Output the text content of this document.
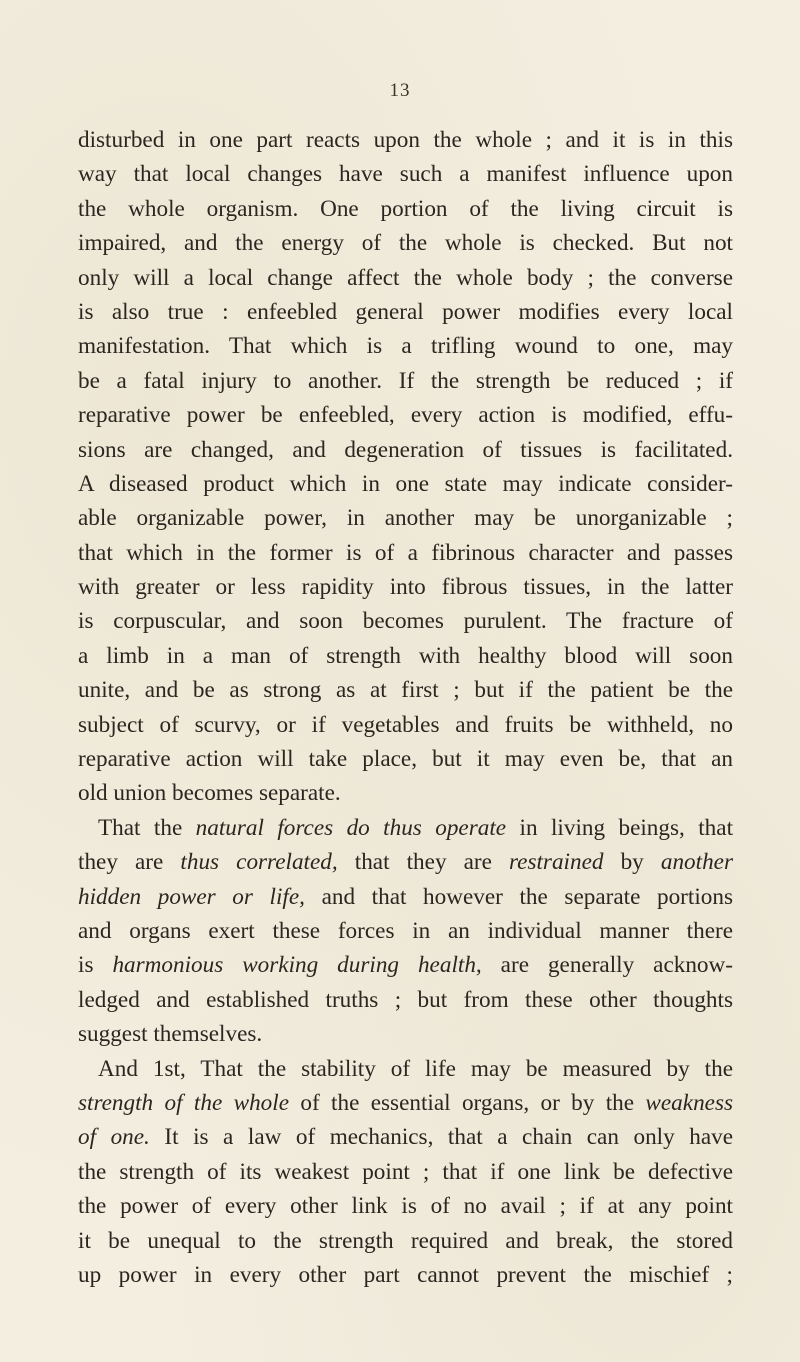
13
disturbed in one part reacts upon the whole ; and it is in this
way that local changes have such a manifest influence upon
the whole organism. One portion of the living circuit is
impaired, and the energy of the whole is checked. But not
only will a local change affect the whole body ; the converse
is also true : enfeebled general power modifies every local
manifestation. That which is a trifling wound to one, may
be a fatal injury to another. If the strength be reduced ; if
reparative power be enfeebled, every action is modified, effu-
sions are changed, and degeneration of tissues is facilitated.
A diseased product which in one state may indicate consider-
able organizable power, in another may be unorganizable ;
that which in the former is of a fibrinous character and passes
with greater or less rapidity into fibrous tissues, in the latter
is corpuscular, and soon becomes purulent. The fracture of
a limb in a man of strength with healthy blood will soon
unite, and be as strong as at first ; but if the patient be the
subject of scurvy, or if vegetables and fruits be withheld, no
reparative action will take place, but it may even be, that an
old union becomes separate.
That the natural forces do thus operate in living beings, that
they are thus correlated, that they are restrained by another
hidden power or life, and that however the separate portions
and organs exert these forces in an individual manner there
is harmonious working during health, are generally acknow-
ledged and established truths ; but from these other thoughts
suggest themselves.
And 1st, That the stability of life may be measured by the
strength of the whole of the essential organs, or by the weakness
of one. It is a law of mechanics, that a chain can only have
the strength of its weakest point ; that if one link be defective
the power of every other link is of no avail ; if at any point
it be unequal to the strength required and break, the stored
up power in every other part cannot prevent the mischief ;
